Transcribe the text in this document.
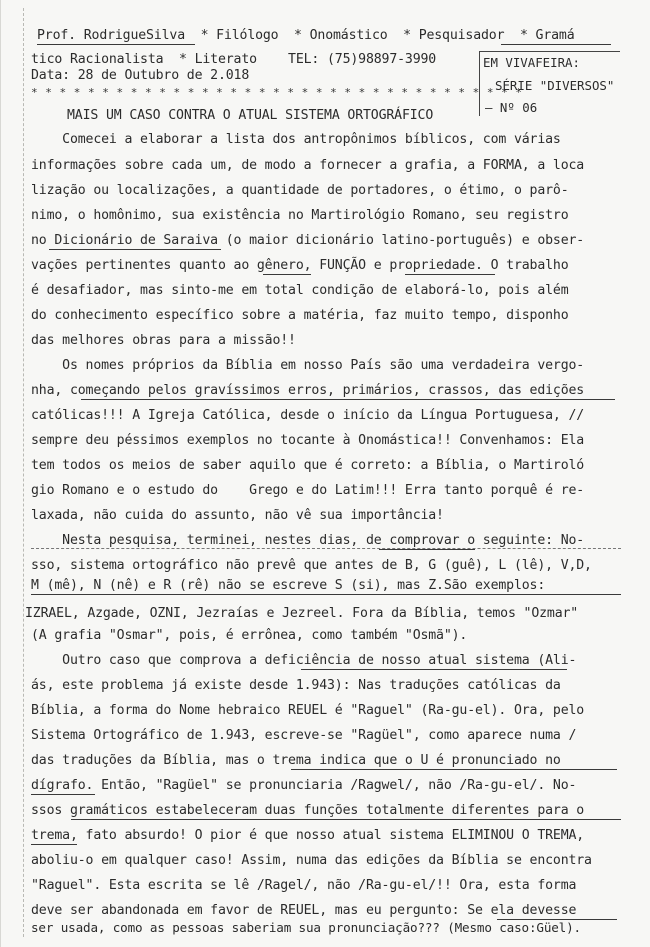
Prof. RodrigueSilva  * Filólogo  * Onomástico  * Pesquisador  * Gramá
tico Racionalista  * Literato    TEL: (75)98897-3990
Data: 28 de Outubro de 2.018
* * * * * * * * * * * * * * * * * * * * * * * * * * * * * * * * * * *
EM VIVAFEIRA:
SÉRIE "DIVERSOS"
— Nº 06
MAIS UM CASO CONTRA O ATUAL SISTEMA ORTOGRÁFICO
Comecei a elaborar a lista dos antropônimos bíblicos, com várias
informações sobre cada um, de modo a fornecer a grafia, a FORMA, a loca
lização ou localizações, a quantidade de portadores, o étimo, o parô-
nimo, o homônimo, sua existência no Martirológio Romano, seu registro
no Dicionário de Saraiva (o maior dicionário latino-português) e obser-
vações pertinentes quanto ao gênero, FUNÇÃO e propriedade. O trabalho
é desafiador, mas sinto-me em total condição de elaborá-lo, pois além
do conhecimento específico sobre a matéria, faz muito tempo, disponho
das melhores obras para a missão!!
Os nomes próprios da Bíblia em nosso País são uma verdadeira vergo-
nha, começando pelos gravíssimos erros, primários, crassos, das edições
católicas!!! A Igreja Católica, desde o início da Língua Portuguesa, //
sempre deu péssimos exemplos no tocante à Onomástica!! Convenhamos: Ela
tem todos os meios de saber aquilo que é correto: a Bíblia, o Martiroló
gio Romano e o estudo do    Grego e do Latim!!! Erra tanto porquê é re-
laxada, não cuida do assunto, não vê sua importância!
Nesta pesquisa, terminei, nestes dias, de comprovar o seguinte: No-
sso, sistema ortográfico não prevê que antes de B, G (guê), L (lê), V,D,
M (mê), N (nê) e R (rê) não se escreve S (si), mas Z.São exemplos:
IZRAEL, Azgade, OZNI, Jezraías e Jezreel. Fora da Bíblia, temos "Ozmar"
(A grafia "Osmar", pois, é errônea, como também "Osmã").
Outro caso que comprova a deficiência de nosso atual sistema (Ali-
ás, este problema já existe desde 1.943): Nas traduções católicas da
Bíblia, a forma do Nome hebraico REUEL é "Raguel" (Ra-gu-el). Ora, pelo
Sistema Ortográfico de 1.943, escreve-se "Ragüel", como aparece numa /
das traduções da Bíblia, mas o trema indica que o U é pronunciado no
dígrafo. Então, "Ragüel" se pronunciaria /Ragwel/, não /Ra-gu-el/. No-
ssos gramáticos estabeleceram duas funções totalmente diferentes para o
trema, fato absurdo! O pior é que nosso atual sistema ELIMINOU O TREMA,
aboliu-o em qualquer caso! Assim, numa das edições da Bíblia se encontra
"Raguel". Esta escrita se lê /Ragel/, não /Ra-gu-el/!! Ora, esta forma
deve ser abandonada em favor de REUEL, mas eu pergunto: Se ela devesse
ser usada, como as pessoas saberiam sua pronunciação??? (Mesmo caso:Güel).
